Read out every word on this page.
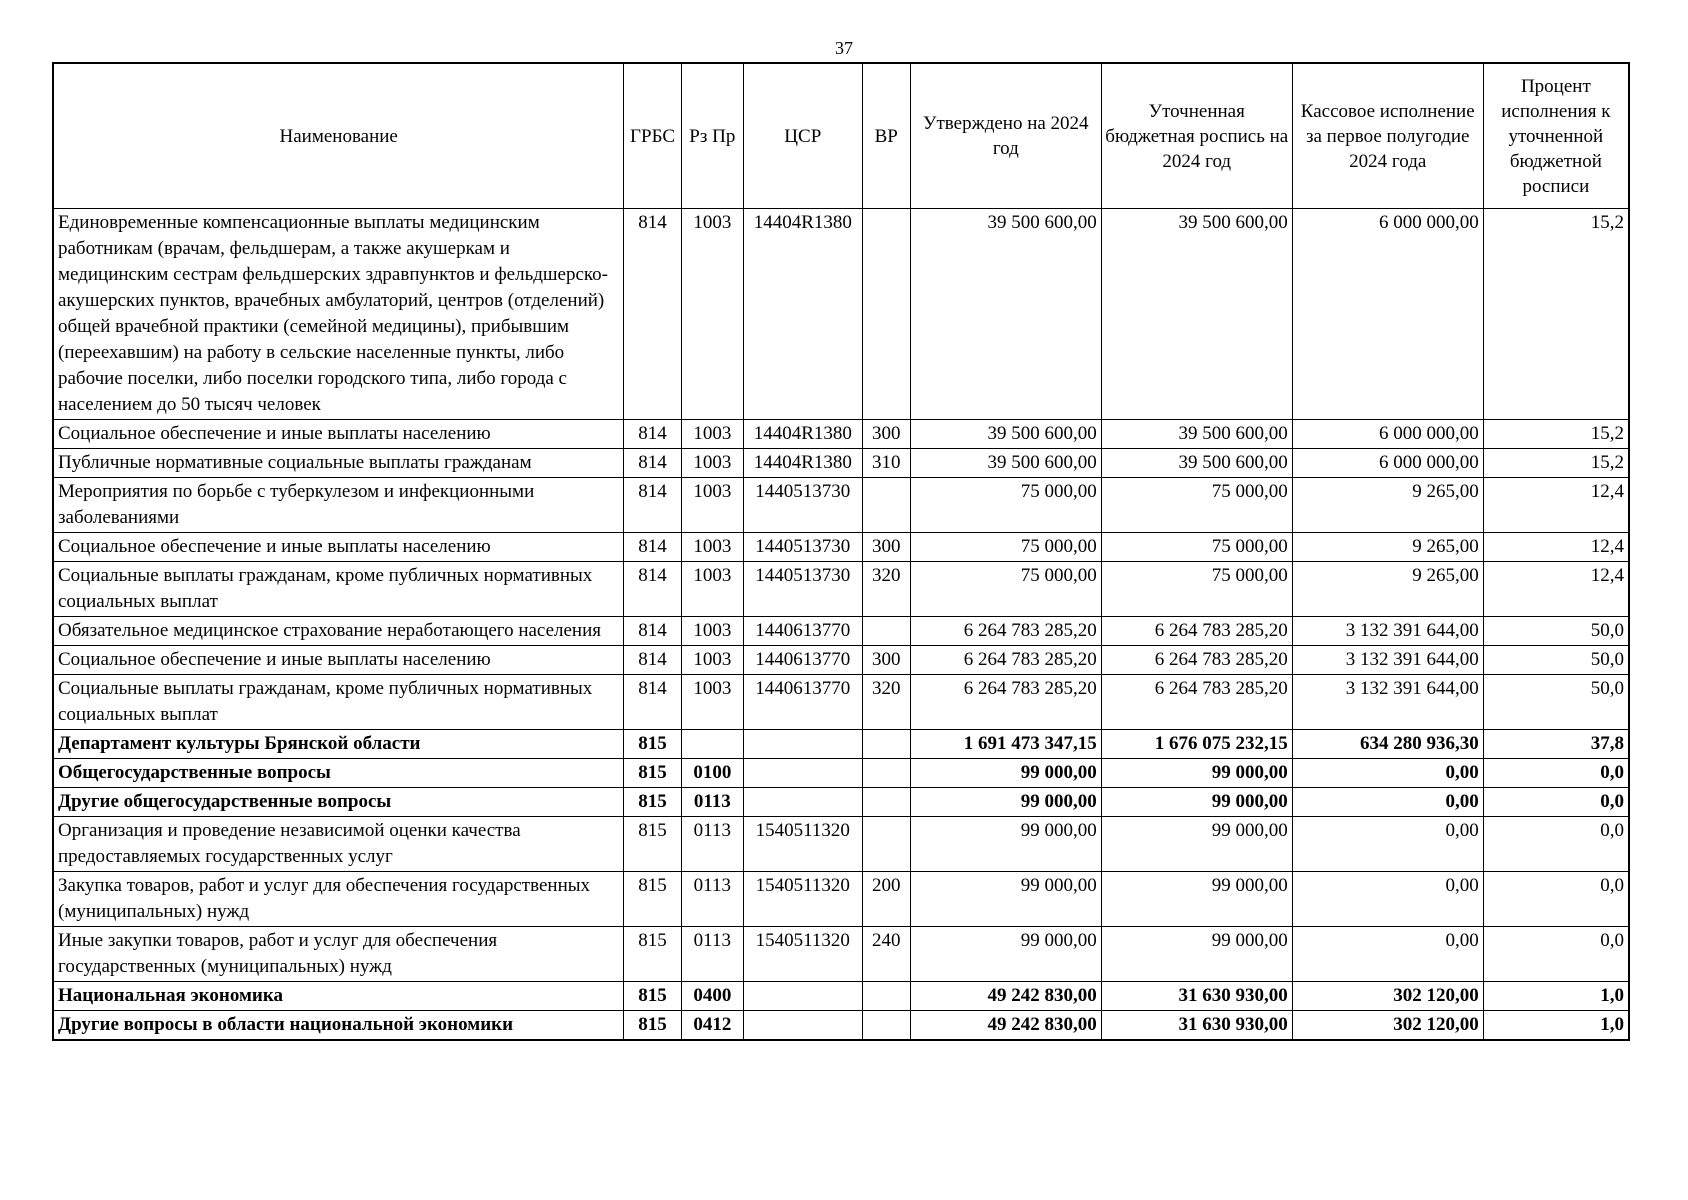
37
Наименование	ГРБС	Рз Пр	ЦСР	ВР	Утверждено на 2024 год	Уточненная бюджетная роспись на 2024 год	Кассовое исполнение за первое полугодие 2024 года	Процент исполнения к уточненной бюджетной росписи
Единовременные компенсационные выплаты медицинским работникам (врачам, фельдшерам, а также акушеркам и медицинским сестрам фельдшерских здравпунктов и фельдшерско-акушерских пунктов, врачебных амбулаторий, центров (отделений) общей врачебной практики (семейной медицины), прибывшим (переехавшим) на работу в сельские населенные пункты, либо рабочие поселки, либо поселки городского типа, либо города с населением до 50 тысяч человек	814	1003	14404R1380		39 500 600,00	39 500 600,00	6 000 000,00	15,2
Социальное обеспечение и иные выплаты населению	814	1003	14404R1380	300	39 500 600,00	39 500 600,00	6 000 000,00	15,2
Публичные нормативные социальные выплаты гражданам	814	1003	14404R1380	310	39 500 600,00	39 500 600,00	6 000 000,00	15,2
Мероприятия по борьбе с туберкулезом и инфекционными заболеваниями	814	1003	1440513730		75 000,00	75 000,00	9 265,00	12,4
Социальное обеспечение и иные выплаты населению	814	1003	1440513730	300	75 000,00	75 000,00	9 265,00	12,4
Социальные выплаты гражданам, кроме публичных нормативных социальных выплат	814	1003	1440513730	320	75 000,00	75 000,00	9 265,00	12,4
Обязательное медицинское страхование неработающего населения	814	1003	1440613770		6 264 783 285,20	6 264 783 285,20	3 132 391 644,00	50,0
Социальное обеспечение и иные выплаты населению	814	1003	1440613770	300	6 264 783 285,20	6 264 783 285,20	3 132 391 644,00	50,0
Социальные выплаты гражданам, кроме публичных нормативных социальных выплат	814	1003	1440613770	320	6 264 783 285,20	6 264 783 285,20	3 132 391 644,00	50,0
Департамент культуры Брянской области	815				1 691 473 347,15	1 676 075 232,15	634 280 936,30	37,8
Общегосударственные вопросы	815	0100			99 000,00	99 000,00	0,00	0,0
Другие общегосударственные вопросы	815	0113			99 000,00	99 000,00	0,00	0,0
Организация и проведение независимой оценки качества предоставляемых государственных услуг	815	0113	1540511320		99 000,00	99 000,00	0,00	0,0
Закупка товаров, работ и услуг для обеспечения государственных (муниципальных) нужд	815	0113	1540511320	200	99 000,00	99 000,00	0,00	0,0
Иные закупки товаров, работ и услуг для обеспечения государственных (муниципальных) нужд	815	0113	1540511320	240	99 000,00	99 000,00	0,00	0,0
Национальная экономика	815	0400			49 242 830,00	31 630 930,00	302 120,00	1,0
Другие вопросы в области национальной экономики	815	0412			49 242 830,00	31 630 930,00	302 120,00	1,0
